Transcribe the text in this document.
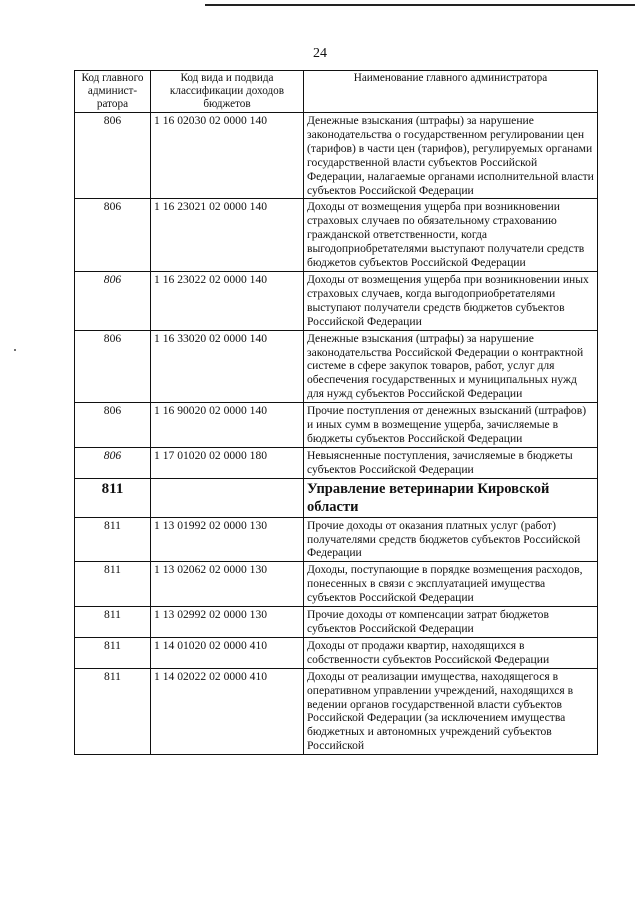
24
Код главного админист-ратора	Код вида и подвида классификации доходов бюджетов	Наименование главного администратора
806	1 16 02030 02 0000 140	Денежные взыскания (штрафы) за нарушение законодательства о государственном регулировании цен (тарифов) в части цен (тарифов), регулируемых органами государственной власти субъектов Российской Федерации, налагаемые органами исполнительной власти субъектов Российской Федерации
806	1 16 23021 02 0000 140	Доходы от возмещения ущерба при возникновении страховых случаев по обязательному страхованию гражданской ответственности, когда выгодоприобретателями выступают получатели средств бюджетов субъектов Российской Федерации
806	1 16 23022 02 0000 140	Доходы от возмещения ущерба при возникновении иных страховых случаев, когда выгодоприобретателями выступают получатели средств бюджетов субъектов Российской Федерации
806	1 16 33020 02 0000 140	Денежные взыскания (штрафы) за нарушение законодательства Российской Федерации о контрактной системе в сфере закупок товаров, работ, услуг для обеспечения государственных и муниципальных нужд для нужд субъектов Российской Федерации
806	1 16 90020 02 0000 140	Прочие поступления от денежных взысканий (штрафов) и иных сумм в возмещение ущерба, зачисляемые в бюджеты субъектов Российской Федерации
806	1 17 01020 02 0000 180	Невыясненные поступления, зачисляемые в бюджеты субъектов Российской Федерации
811		Управление ветеринарии Кировской области
811	1 13 01992 02 0000 130	Прочие доходы от оказания платных услуг (работ) получателями средств бюджетов субъектов Российской Федерации
811	1 13 02062 02 0000 130	Доходы, поступающие в порядке возмещения расходов, понесенных в связи с эксплуатацией имущества субъектов Российской Федерации
811	1 13 02992 02 0000 130	Прочие доходы от компенсации затрат бюджетов субъектов Российской Федерации
811	1 14 01020 02 0000 410	Доходы от продажи квартир, находящихся в собственности субъектов Российской Федерации
811	1 14 02022 02 0000 410	Доходы от реализации имущества, находящегося в оперативном управлении учреждений, находящихся в ведении органов государственной власти субъектов Российской Федерации (за исключением имущества бюджетных и автономных учреждений субъектов Российской
